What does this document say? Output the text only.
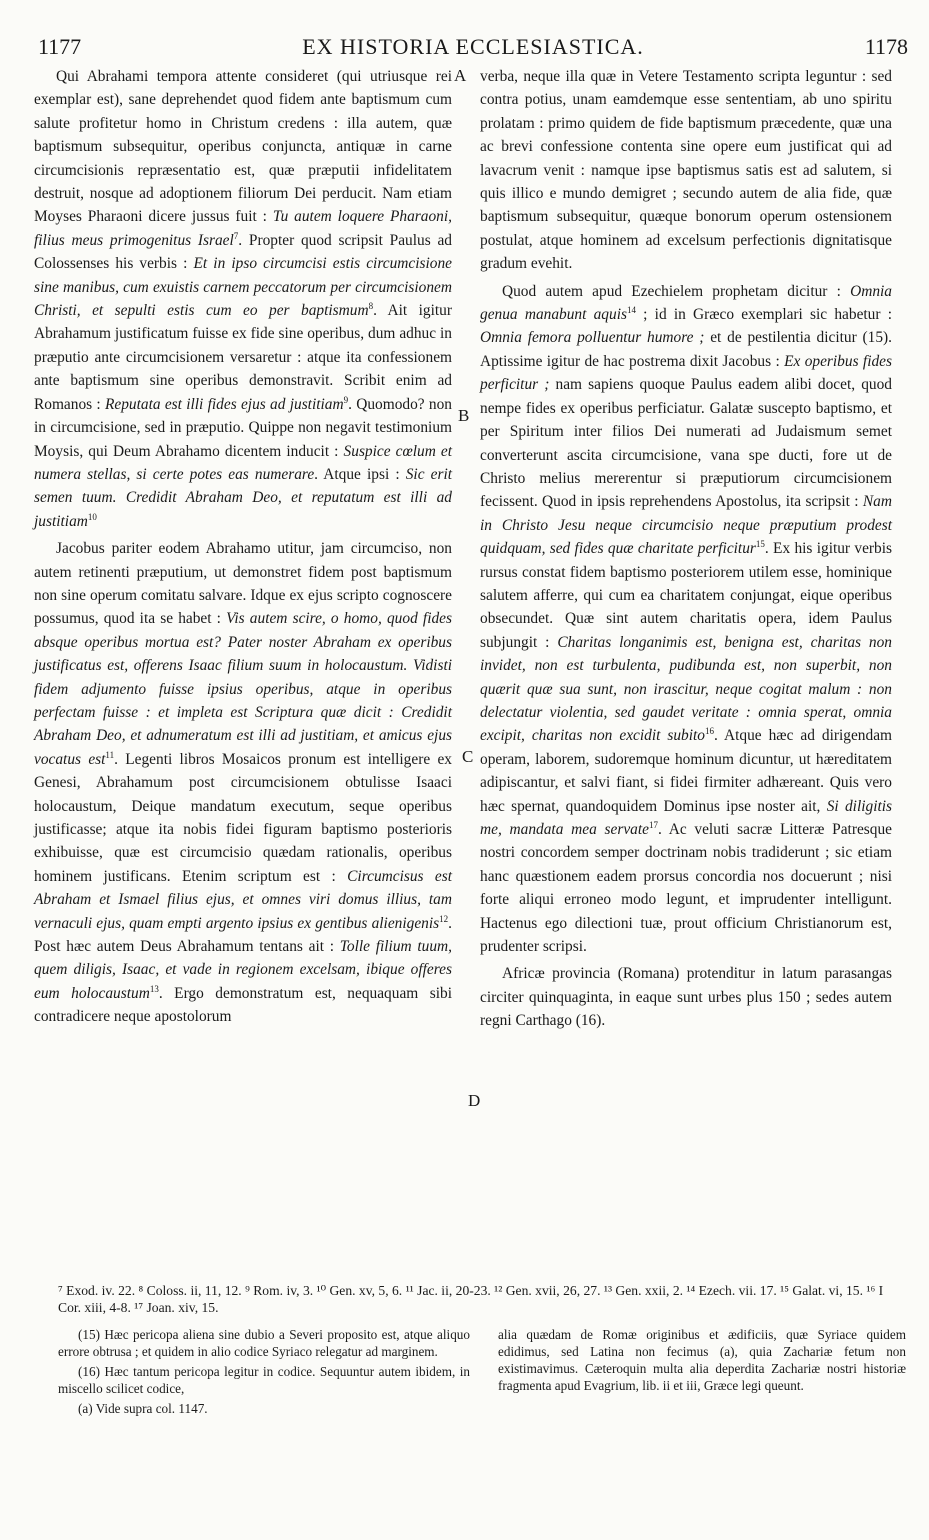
1177	EX HISTORIA ECCLESIASTICA.	1178

Qui Abrahami tempora attente consideret (qui utriusque rei exemplar est), sane deprehendet quod fidem ante baptismum cum salute profitetur homo in Christum credens : illa autem, quæ baptismum subsequitur, operibus conjuncta, antiquæ in carne circumcisionis repræsentatio est, quæ præputii infidelitatem destruit, nosque ad adoptionem filiorum Dei perducit. Nam etiam Moyses Pharaoni dicere jussus fuit : Tu autem loquere Pharaoni, filius meus primogenitus Israel$^7$. Propter quod scripsit Paulus ad Colossenses his verbis : Et in ipso circumcisi estis circumcisione sine manibus, cum exuistis carnem peccatorum per circumcisionem Christi, et sepulti estis cum eo per baptismum$^8$. Ait igitur Abrahamum justificatum fuisse ex fide sine operibus, dum adhuc in præputio ante circumcisionem versaretur : atque ita confessionem ante baptismum sine operibus demonstravit. Scribit enim ad Romanos : Reputata est illi fides ejus ad justitiam$^9$. Quomodo? non in circumcisione, sed in præputio. Quippe non negavit testimonium Moysis, qui Deum Abrahamo dicentem inducit : Suspice cœlum et numera stellas, si certe potes eas numerare. Atque ipsi : Sic erit semen tuum. Credidit Abraham Deo, et reputatum est illi ad justitiam$^{10}$

Jacobus pariter eodem Abrahamo utitur, jam circumciso, non autem retinenti præputium, ut demonstret fidem post baptismum non sine operum comitatu salvare. Idque ex ejus scripto cognoscere possumus, quod ita se habet : Vis autem scire, o homo, quod fides absque operibus mortua est? Pater noster Abraham ex operibus justificatus est, offerens Isaac filium suum in holocaustum. Vidisti fidem adjumento fuisse ipsius operibus, atque in operibus perfectam fuisse : et impleta est Scriptura quæ dicit : Credidit Abraham Deo, et adnumeratum est illi ad justitiam, et amicus ejus vocatus est$^{11}$. Legenti libros Mosaicos pronum est intelligere ex Genesi, Abrahamum post circumcisionem obtulisse Isaaci holocaustum, Deique mandatum executum, seque operibus justificasse; atque ita nobis fidei figuram baptismo posterioris exhibuisse, quæ est circumcisio quædam rationalis, operibus hominem justificans. Etenim scriptum est : Circumcisus est Abraham et Ismael filius ejus, et omnes viri domus illius, tam vernaculi ejus, quam empti argento ipsius ex gentibus alienigenis$^{12}$. Post hæc autem Deus Abrahamum tentans ait : Tolle filium tuum, quem diligis, Isaac, et vade in regionem excelsam, ibique offeres eum holocaustum$^{13}$. Ergo demonstratum est, nequaquam sibi contradicere neque apostolorum

A
B
C
D

verba, neque illa quæ in Vetere Testamento scripta leguntur : sed contra potius, unam eamdemque esse sententiam, ab uno spiritu prolatam : primo quidem de fide baptismum præcedente, quæ una ac brevi confessione contenta sine opere eum justificat qui ad lavacrum venit : namque ipse baptismus satis est ad salutem, si quis illico e mundo demigret ; secundo autem de alia fide, quæ baptismum subsequitur, quæque bonorum operum ostensionem postulat, atque hominem ad excelsum perfectionis dignitatisque gradum evehit.

Quod autem apud Ezechielem prophetam dicitur : Omnia genua manabunt aquis$^{14}$ ; id in Græco exemplari sic habetur : Omnia femora polluentur humore ; et de pestilentia dicitur (15). Aptissime igitur de hac postrema dixit Jacobus : Ex operibus fides perficitur ; nam sapiens quoque Paulus eadem alibi docet, quod nempe fides ex operibus perficiatur. Galatæ suscepto baptismo, et per Spiritum inter filios Dei numerati ad Judaismum semet converterunt ascita circumcisione, vana spe ducti, fore ut de Christo melius mererentur si præputiorum circumcisionem fecissent. Quod in ipsis reprehendens Apostolus, ita scripsit : Nam in Christo Jesu neque circumcisio neque præputium prodest quidquam, sed fides quæ charitate perficitur$^{15}$. Ex his igitur verbis rursus constat fidem baptismo posteriorem utilem esse, hominique salutem afferre, qui cum ea charitatem conjungat, eique operibus obsecundet. Quæ sint autem charitatis opera, idem Paulus subjungit : Charitas longanimis est, benigna est, charitas non invidet, non est turbulenta, pudibunda est, non superbit, non quærit quæ sua sunt, non irascitur, neque cogitat malum : non delectatur violentia, sed gaudet veritate : omnia sperat, omnia excipit, charitas non excidit subito$^{16}$. Atque hæc ad dirigendam operam, laborem, sudoremque hominum dicuntur, ut hæreditatem adipiscantur, et salvi fiant, si fidei firmiter adhæreant. Quis vero hæc spernat, quandoquidem Dominus ipse noster ait, Si diligitis me, mandata mea servate$^{17}$. Ac veluti sacræ Litteræ Patresque nostri concordem semper doctrinam nobis tradiderunt ; sic etiam hanc quæstionem eadem prorsus concordia nos docuerunt ; nisi forte aliqui erroneo modo legunt, et imprudenter intelligunt. Hactenus ego dilectioni tuæ, prout officium Christianorum est, prudenter scripsi.

Africæ provincia (Romana) protenditur in latum parasangas circiter quinquaginta, in eaque sunt urbes plus 150 ; sedes autem regni Carthago (16).

⁷ Exod. iv. 22. ⁸ Coloss. ii, 11, 12. ⁹ Rom. iv, 3. ¹⁰ Gen. xv, 5, 6. ¹¹ Jac. ii, 20-23. ¹² Gen. xvii, 26, 27. ¹³ Gen. xxii, 2. ¹⁴ Ezech. vii. 17. ¹⁵ Galat. vi, 15. ¹⁶ I Cor. xiii, 4-8. ¹⁷ Joan. xiv, 15.

(15) Hæc pericopa aliena sine dubio a Severi proposito est, atque aliquo errore obtrusa ; et quidem in alio codice Syriaco relegatur ad marginem.

(16) Hæc tantum pericopa legitur in codice. Sequuntur autem ibidem, in miscello scilicet codice,

(a) Vide supra col. 1147.

alia quædam de Romæ originibus et ædificiis, quæ Syriace quidem edidimus, sed Latina non fecimus (a), quia Zachariæ fetum non existimavimus. Cæteroquin multa alia deperdita Zachariæ nostri historiæ fragmenta apud Evagrium, lib. ii et iii, Græce legi queunt.
